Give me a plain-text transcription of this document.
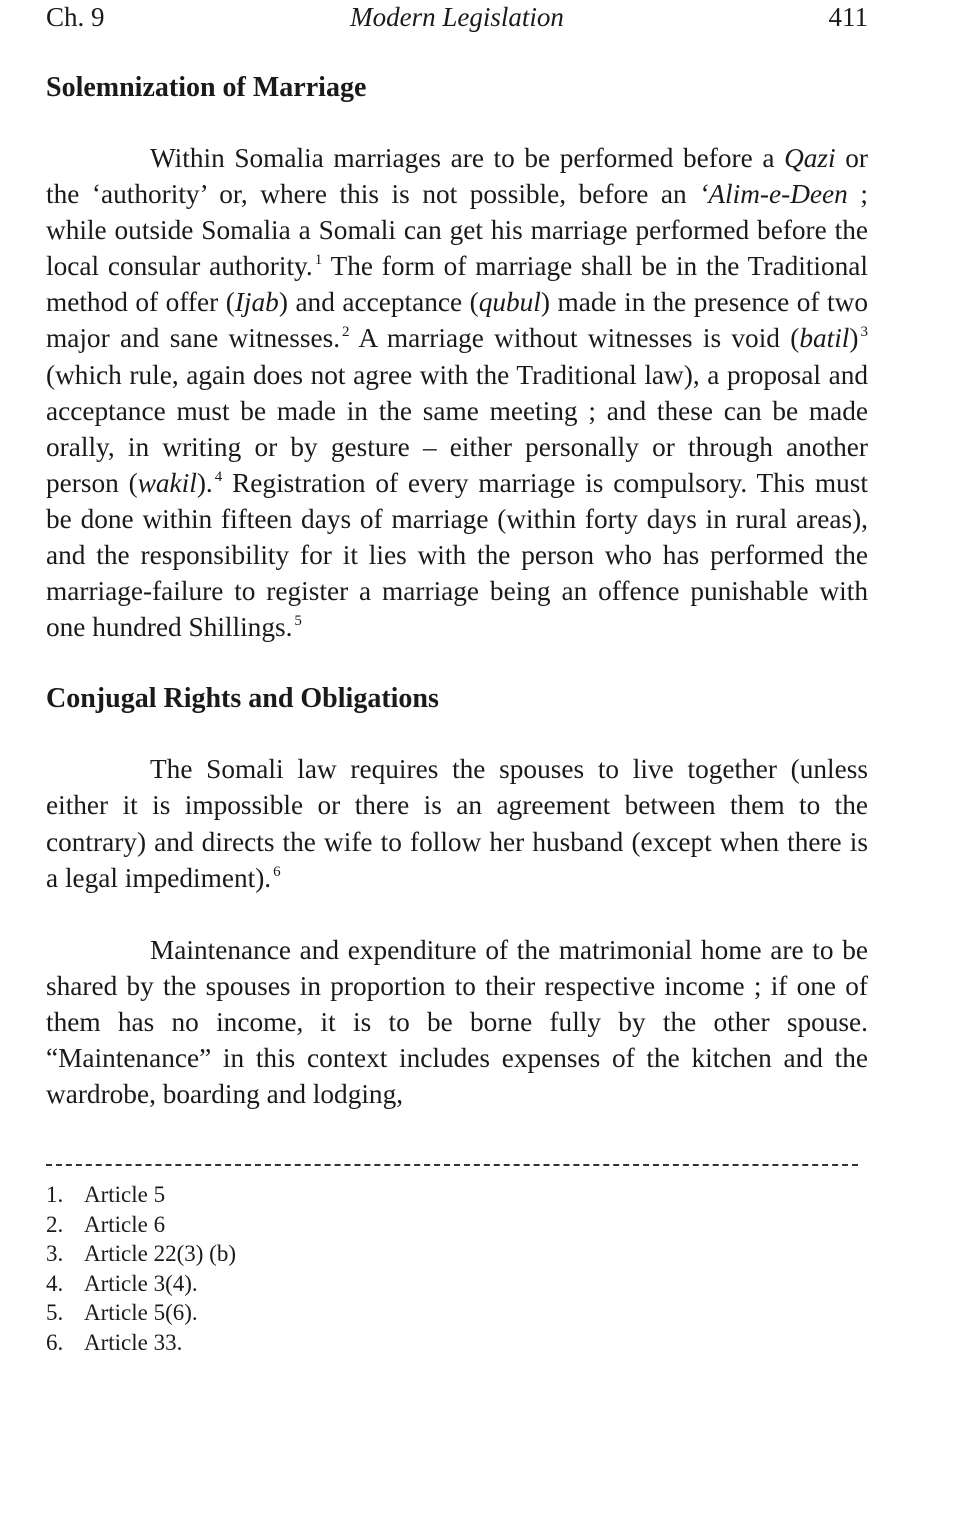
Ch. 9	Modern Legislation	411
Solemnization of Marriage

Within Somalia marriages are to be performed before a Qazi or the ‘authority’ or, where this is not possible, before an ‘Alim-e-Deen ; while outside Somalia a Somali can get his marriage performed before the local consular authority. $^1$ The form of marriage shall be in the Traditional method of offer (Ijab) and acceptance (qubul) made in the presence of two major and sane witnesses. $^2$ A marriage without witnesses is void (batil) $^3$ (which rule, again does not agree with the Traditional law), a proposal and acceptance must be made in the same meeting ; and these can be made orally, in writing or by gesture – either personally or through another person (wakil). $^4$ Registration of every marriage is compulsory. This must be done within fifteen days of marriage (within forty days in rural areas), and the responsibility for it lies with the person who has performed the marriage-failure to register a marriage being an offence punishable with one hundred Shillings. $^5$

Conjugal Rights and Obligations

The Somali law requires the spouses to live together (unless either it is impossible or there is an agreement between them to the contrary) and directs the wife to follow her husband (except when there is a legal impediment). $^6$

Maintenance and expenditure of the matrimonial home are to be shared by the spouses in proportion to their respective income ; if one of them has no income, it is to be borne fully by the other spouse. “Maintenance” in this context includes expenses of the kitchen and the wardrobe, boarding and lodging,

1. Article 5
2. Article 6
3. Article 22(3) (b)
4. Article 3(4).
5. Article 5(6).
6. Article 33.
